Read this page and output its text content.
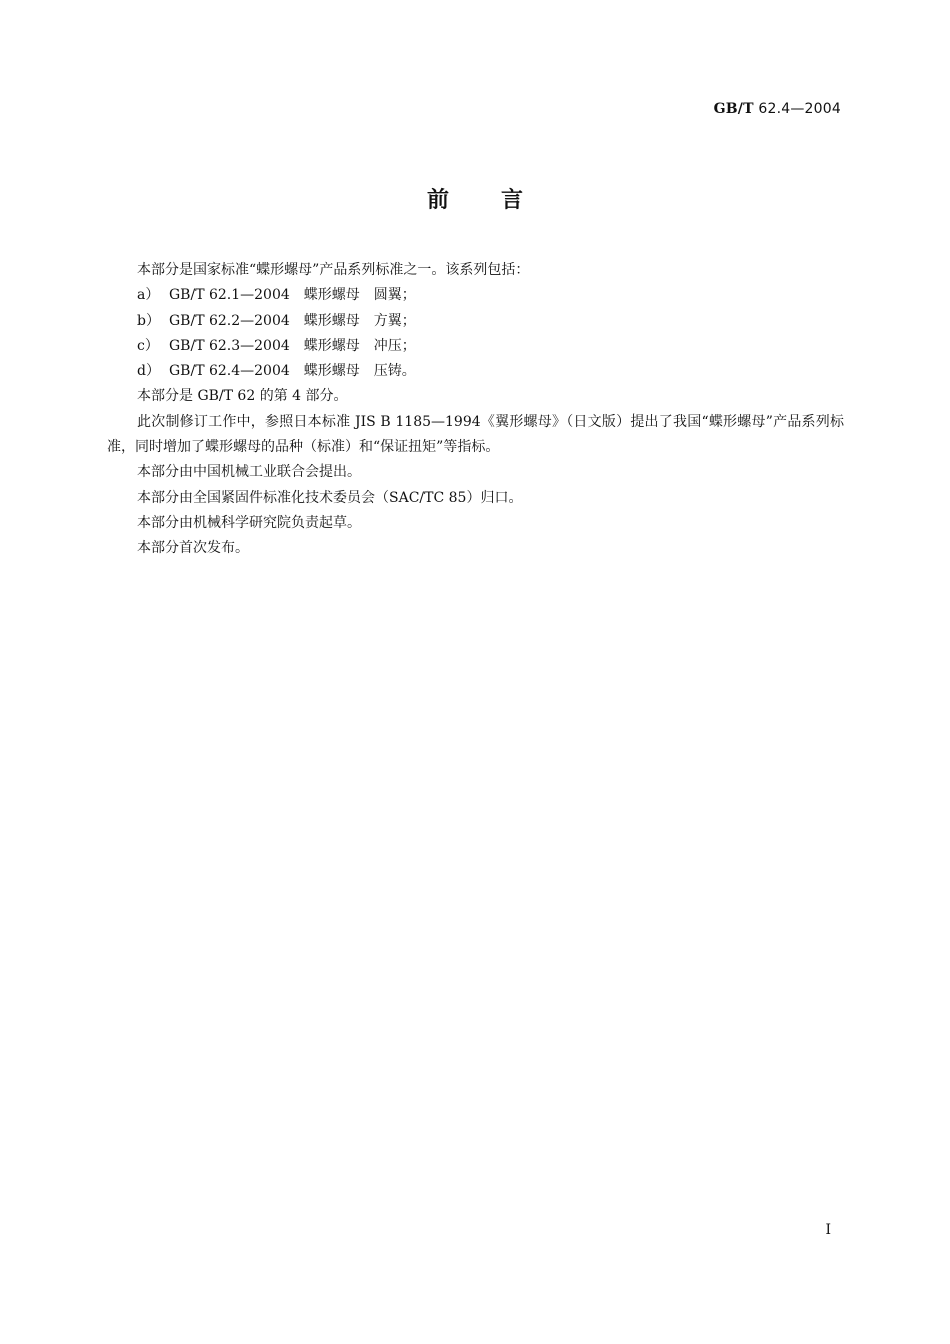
GB/T 62.4—2004
前言

本部分是国家标准“蝶形螺母”产品系列标准之一。该系列包括：

a） GB/T 62.1—2004　蝶形螺母　圆翼；
b） GB/T 62.2—2004　蝶形螺母　方翼；
c） GB/T 62.3—2004　蝶形螺母　冲压；
d） GB/T 62.4—2004　蝶形螺母　压铸。

本部分是 GB/T 62 的第 4 部分。

此次制修订工作中，参照日本标准 JIS B 1185—1994《翼形螺母》（日文版）提出了我国“蝶形螺母”产品系列标准，同时增加了蝶形螺母的品种（标准）和“保证扭矩”等指标。

本部分由中国机械工业联合会提出。

本部分由全国紧固件标准化技术委员会（SAC/TC 85）归口。

本部分由机械科学研究院负责起草。

本部分首次发布。

I
